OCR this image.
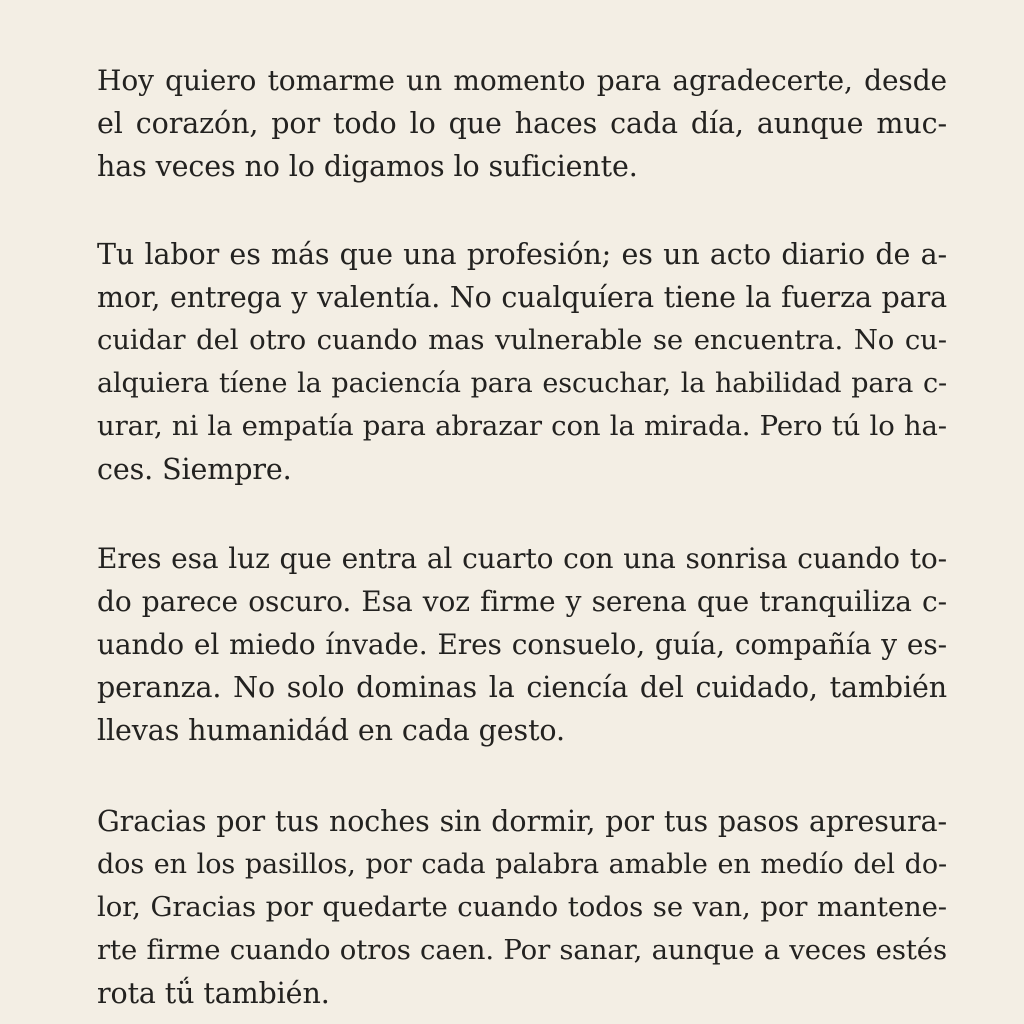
Hoy quiero tomarme un momento para agradecerte, desde
el corazón, por todo lo que haces cada día, aunque muc-
has veces no lo digamos lo suficiente.
Tu labor es más que una profesión; es un acto diario de a-
mor, entrega y valentía. No cualquíera tiene la fuerza para
cuidar del otro cuando mas vulnerable se encuentra. No cu-
alquiera tíene la paciencía para escuchar, la habilidad para c-
urar, ni la empatía para abrazar con la mirada. Pero tú lo ha-
ces. Siempre.
Eres esa luz que entra al cuarto con una sonrisa cuando to-
do parece oscuro. Esa voz firme y serena que tranquiliza c-
uando el miedo ínvade. Eres consuelo, guía, compañía y es-
peranza. No solo dominas la ciencía del cuidado, también
llevas humanidád en cada gesto.
Gracias por tus noches sin dormir, por tus pasos apresura-
dos en los pasillos, por cada palabra amable en medío del do-
lor, Gracias por quedarte cuando todos se van, por mantene-
rte firme cuando otros caen. Por sanar, aunque a veces estés
rota tǘ también.
